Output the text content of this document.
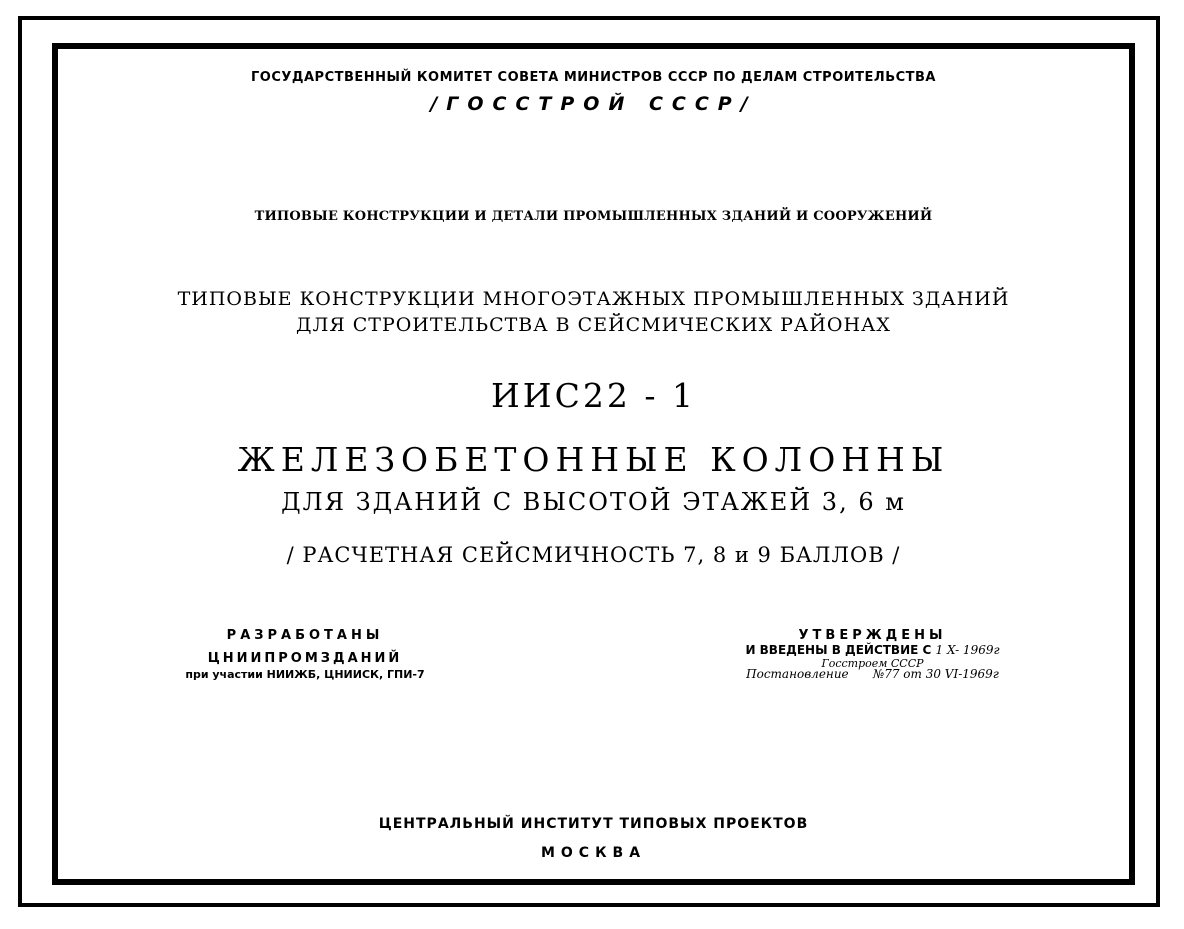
ГОСУДАРСТВЕННЫЙ КОМИТЕТ СОВЕТА МИНИСТРОВ СССР ПО ДЕЛАМ СТРОИТЕЛЬСТВА
/ГОССТРОЙ СССР/
ТИПОВЫЕ КОНСТРУКЦИИ И ДЕТАЛИ ПРОМЫШЛЕННЫХ ЗДАНИЙ И СООРУЖЕНИЙ
ТИПОВЫЕ КОНСТРУКЦИИ МНОГОЭТАЖНЫХ ПРОМЫШЛЕННЫХ ЗДАНИЙ
ДЛЯ СТРОИТЕЛЬСТВА В СЕЙСМИЧЕСКИХ РАЙОНАХ
ИИС22 - 1
ЖЕЛЕЗОБЕТОННЫЕ КОЛОННЫ
ДЛЯ ЗДАНИЙ С ВЫСОТОЙ ЭТАЖЕЙ 3, 6 м
/ РАСЧЕТНАЯ СЕЙСМИЧНОСТЬ 7, 8 и 9 БАЛЛОВ /
РАЗРАБОТАНЫ
ЦНИИПРОМЗДАНИЙ
при участии НИИЖБ, ЦНИИСК, ГПИ-7
УТВЕРЖДЕНЫ
И ВВЕДЕНЫ В ДЕЙСТВИЕ С 1 X- 1969г
Госстроем СССР
Постановление №77 от 30 VI-1969г
ЦЕНТРАЛЬНЫЙ ИНСТИТУТ ТИПОВЫХ ПРОЕКТОВ
МОСКВА
